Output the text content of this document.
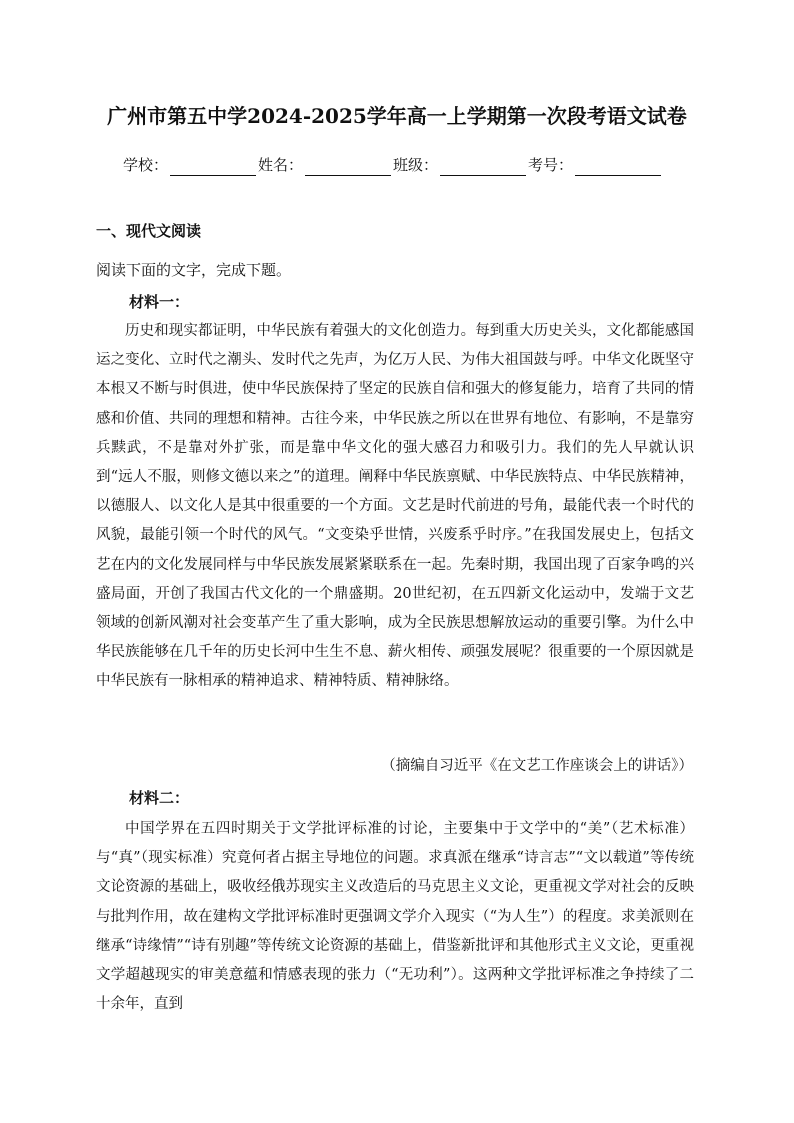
广州市第五中学2024-2025学年高一上学期第一次段考语文试卷
学校：	姓名：	班级：	考号：
一、现代文阅读
阅读下面的文字，完成下题。
材料一：
历史和现实都证明，中华民族有着强大的文化创造力。每到重大历史关头，文化都能感国运之变化、立时代之潮头、发时代之先声，为亿万人民、为伟大祖国鼓与呼。中华文化既坚守本根又不断与时俱进，使中华民族保持了坚定的民族自信和强大的修复能力，培育了共同的情感和价值、共同的理想和精神。古往今来，中华民族之所以在世界有地位、有影响，不是靠穷兵黩武，不是靠对外扩张，而是靠中华文化的强大感召力和吸引力。我们的先人早就认识到“远人不服，则修文德以来之”的道理。阐释中华民族禀赋、中华民族特点、中华民族精神，以德服人、以文化人是其中很重要的一个方面。文艺是时代前进的号角，最能代表一个时代的风貌，最能引领一个时代的风气。“文变染乎世情，兴废系乎时序。”在我国发展史上，包括文艺在内的文化发展同样与中华民族发展紧紧联系在一起。先秦时期，我国出现了百家争鸣的兴盛局面，开创了我国古代文化的一个鼎盛期。20世纪初，在五四新文化运动中，发端于文艺领域的创新风潮对社会变革产生了重大影响，成为全民族思想解放运动的重要引擎。为什么中华民族能够在几千年的历史长河中生生不息、薪火相传、顽强发展呢？很重要的一个原因就是中华民族有一脉相承的精神追求、精神特质、精神脉络。
（摘编自习近平《在文艺工作座谈会上的讲话》）
材料二：
中国学界在五四时期关于文学批评标准的讨论，主要集中于文学中的“美”（艺术标准）与“真”（现实标准）究竟何者占据主导地位的问题。求真派在继承“诗言志”“文以载道”等传统文论资源的基础上，吸收经俄苏现实主义改造后的马克思主义文论，更重视文学对社会的反映与批判作用，故在建构文学批评标准时更强调文学介入现实（“为人生”）的程度。求美派则在继承“诗缘情”“诗有别趣”等传统文论资源的基础上，借鉴新批评和其他形式主义文论，更重视文学超越现实的审美意蕴和情感表现的张力（“无功利”）。这两种文学批评标准之争持续了二十余年，直到
